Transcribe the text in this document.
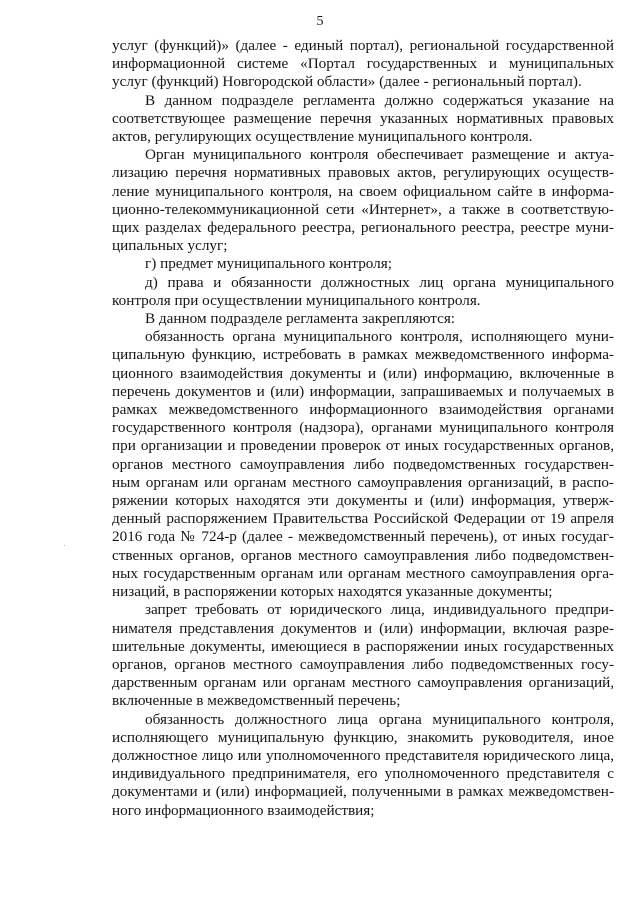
5
услуг (функций)» (далее - единый портал), региональной государственной
информационной системе «Портал государственных и муниципальных
услуг (функций) Новгородской области» (далее - региональный портал).
В данном подразделе регламента должно содержаться указание на
соответствующее размещение перечня указанных нормативных правовых
актов, регулирующих осуществление муниципального контроля.
Орган муниципального контроля обеспечивает размещение и актуа-
лизацию перечня нормативных правовых актов, регулирующих осуществ-
ление муниципального контроля, на своем официальном сайте в информа-
ционно-телекоммуникационной сети «Интернет», а также в соответствую-
щих разделах федерального реестра, регионального реестра, реестре муни-
ципальных услуг;
г) предмет муниципального контроля;
д) права и обязанности должностных лиц органа муниципального
контроля при осуществлении муниципального контроля.
В данном подразделе регламента закрепляются:
обязанность органа муниципального контроля, исполняющего муни-
ципальную функцию, истребовать в рамках межведомственного информа-
ционного взаимодействия документы и (или) информацию, включенные в
перечень документов и (или) информации, запрашиваемых и получаемых в
рамках межведомственного информационного взаимодействия органами
государственного контроля (надзора), органами муниципального контроля
при организации и проведении проверок от иных государственных органов,
органов местного самоуправления либо подведомственных государствен-
ным органам или органам местного самоуправления организаций, в распо-
ряжении которых находятся эти документы и (или) информация, утверж-
денный распоряжением Правительства Российской Федерации от 19 апреля
2016 года № 724-р (далее - межведомственный перечень), от иных госудаг-
ственных органов, органов местного самоуправления либо подведомствен-
ных государственным органам или органам местного самоуправления орга-
низаций, в распоряжении которых находятся указанные документы;
запрет требовать от юридического лица, индивидуального предпри-
нимателя представления документов и (или) информации, включая разре-
шительные документы, имеющиеся в распоряжении иных государственных
органов, органов местного самоуправления либо подведомственных госу-
дарственным органам или органам местного самоуправления организаций,
включенные в межведомственный перечень;
обязанность должностного лица органа муниципального контроля,
исполняющего муниципальную функцию, знакомить руководителя, иное
должностное лицо или уполномоченного представителя юридического лица,
индивидуального предпринимателя, его уполномоченного представителя с
документами и (или) информацией, полученными в рамках межведомствен-
ного информационного взаимодействия;
